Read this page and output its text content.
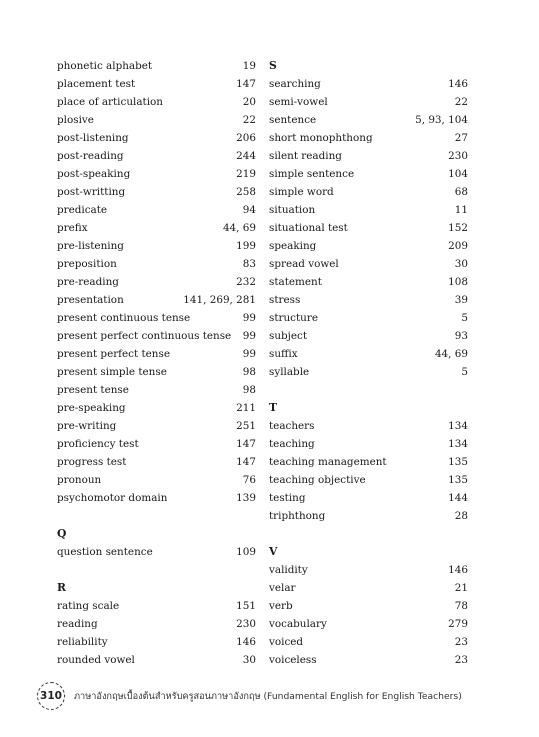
phonetic alphabet	19
placement test	147
place of articulation	20
plosive	22
post-listening	206
post-reading	244
post-speaking	219
post-writting	258
predicate	94
prefix	44, 69
pre-listening	199
preposition	83
pre-reading	232
presentation	141, 269, 281
present continuous tense	99
present perfect continuous tense	99
present perfect tense	99
present simple tense	98
present tense	98
pre-speaking	211
pre-writing	251
proficiency test	147
progress test	147
pronoun	76
psychomotor domain	139
Q
question sentence	109
R
rating scale	151
reading	230
reliability	146
rounded vowel	30
S
searching	146
semi-vowel	22
sentence	5, 93, 104
short monophthong	27
silent reading	230
simple sentence	104
simple word	68
situation	11
situational test	152
speaking	209
spread vowel	30
statement	108
stress	39
structure	5
subject	93
suffix	44, 69
syllable	5
T
teachers	134
teaching	134
teaching management	135
teaching objective	135
testing	144
triphthong	28
V
validity	146
velar	21
verb	78
vocabulary	279
voiced	23
voiceless	23
310	ภาษาอังกฤษเบื้องต้นสำหรับครูสอนภาษาอังกฤษ (Fundamental English for English Teachers)
